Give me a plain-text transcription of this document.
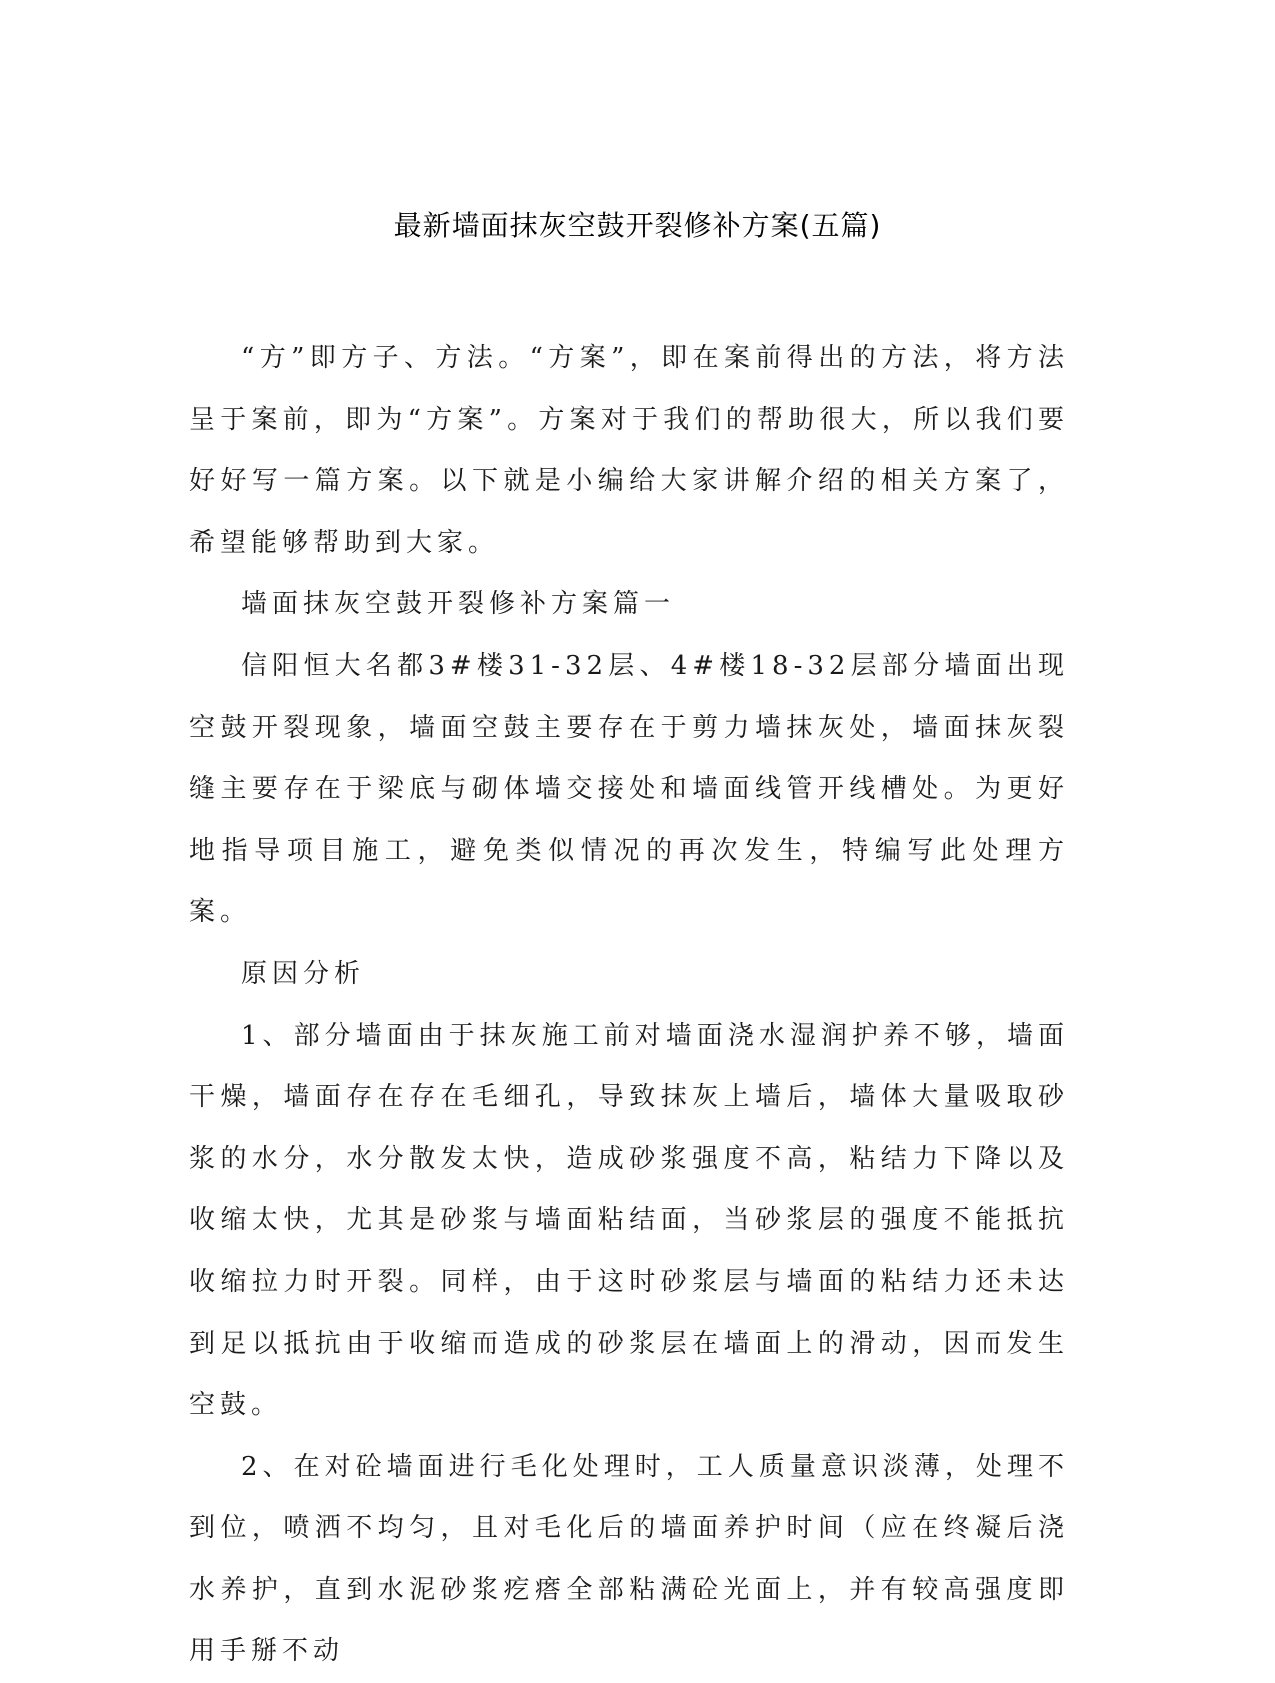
最新墙面抹灰空鼓开裂修补方案(五篇)

“方”即方子、方法。“方案”，即在案前得出的方法，将方法呈于案前，即为“方案”。方案对于我们的帮助很大，所以我们要好好写一篇方案。以下就是小编给大家讲解介绍的相关方案了，希望能够帮助到大家。

墙面抹灰空鼓开裂修补方案篇一

信阳恒大名都3#楼31-32层、4#楼18-32层部分墙面出现空鼓开裂现象，墙面空鼓主要存在于剪力墙抹灰处，墙面抹灰裂缝主要存在于梁底与砌体墙交接处和墙面线管开线槽处。为更好地指导项目施工，避免类似情况的再次发生，特编写此处理方案。

原因分析

1、部分墙面由于抹灰施工前对墙面浇水湿润护养不够，墙面干燥，墙面存在存在毛细孔，导致抹灰上墙后，墙体大量吸取砂浆的水分，水分散发太快，造成砂浆强度不高，粘结力下降以及收缩太快，尤其是砂浆与墙面粘结面，当砂浆层的强度不能抵抗收缩拉力时开裂。同样，由于这时砂浆层与墙面的粘结力还未达到足以抵抗由于收缩而造成的砂浆层在墙面上的滑动，因而发生空鼓。

2、在对砼墙面进行毛化处理时，工人质量意识淡薄，处理不到位，喷洒不均匀，且对毛化后的墙面养护时间（应在终凝后浇水养护，直到水泥砂浆疙瘩全部粘满砼光面上，并有较高强度即用手掰不动
